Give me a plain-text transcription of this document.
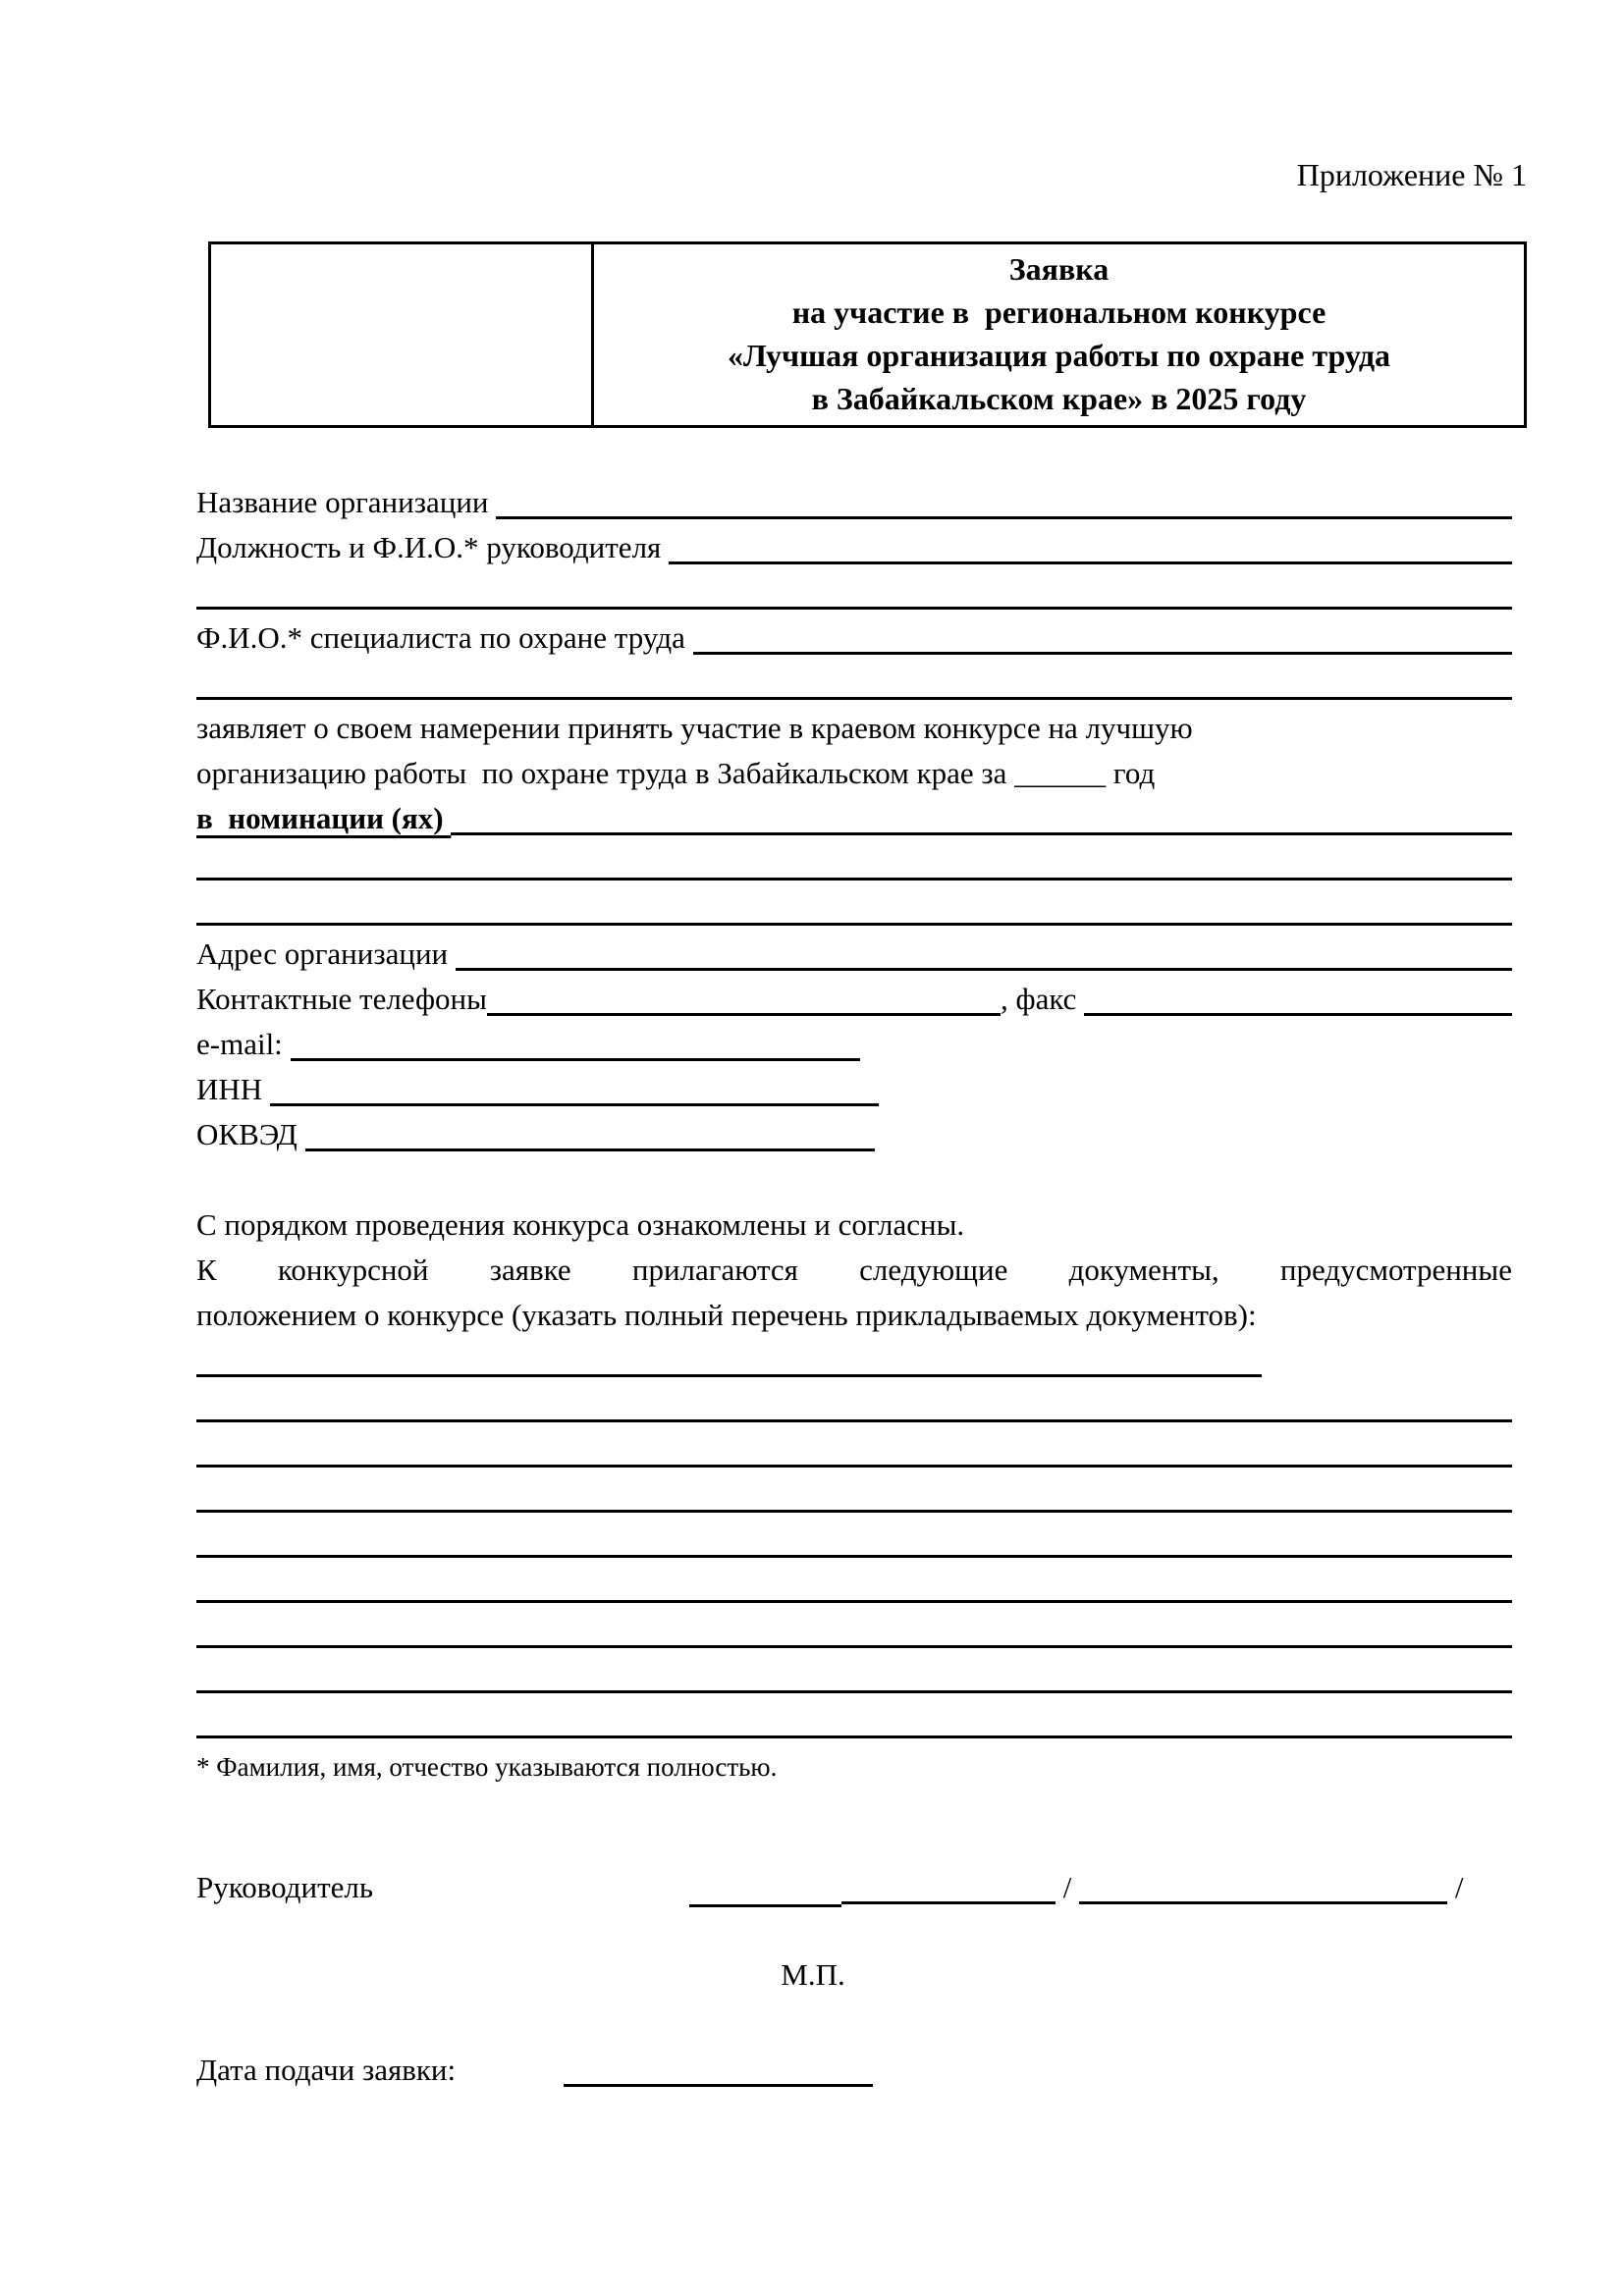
Приложение № 1

Заявка
на участие в  региональном конкурсе
«Лучшая организация работы по охране труда
в Забайкальском крае» в 2025 году
Название организации
Должность и Ф.И.О.* руководителя
Ф.И.О.* специалиста по охране труда
заявляет о своем намерении принять участие в краевом конкурсе на лучшую
организацию работы  по охране труда в Забайкальском крае за ______ год
в  номинации (ях)
Адрес организации
Контактные телефоны	, факс
e-mail:
ИНН
ОКВЭД
С порядком проведения конкурса ознакомлены и согласны.
К конкурсной заявке прилагаются следующие документы, предусмотренные
положением о конкурсе (указать полный перечень прикладываемых документов):
* Фамилия, имя, отчество указываются полностью.
Руководитель	/	/
М.П.
Дата подачи заявки:
